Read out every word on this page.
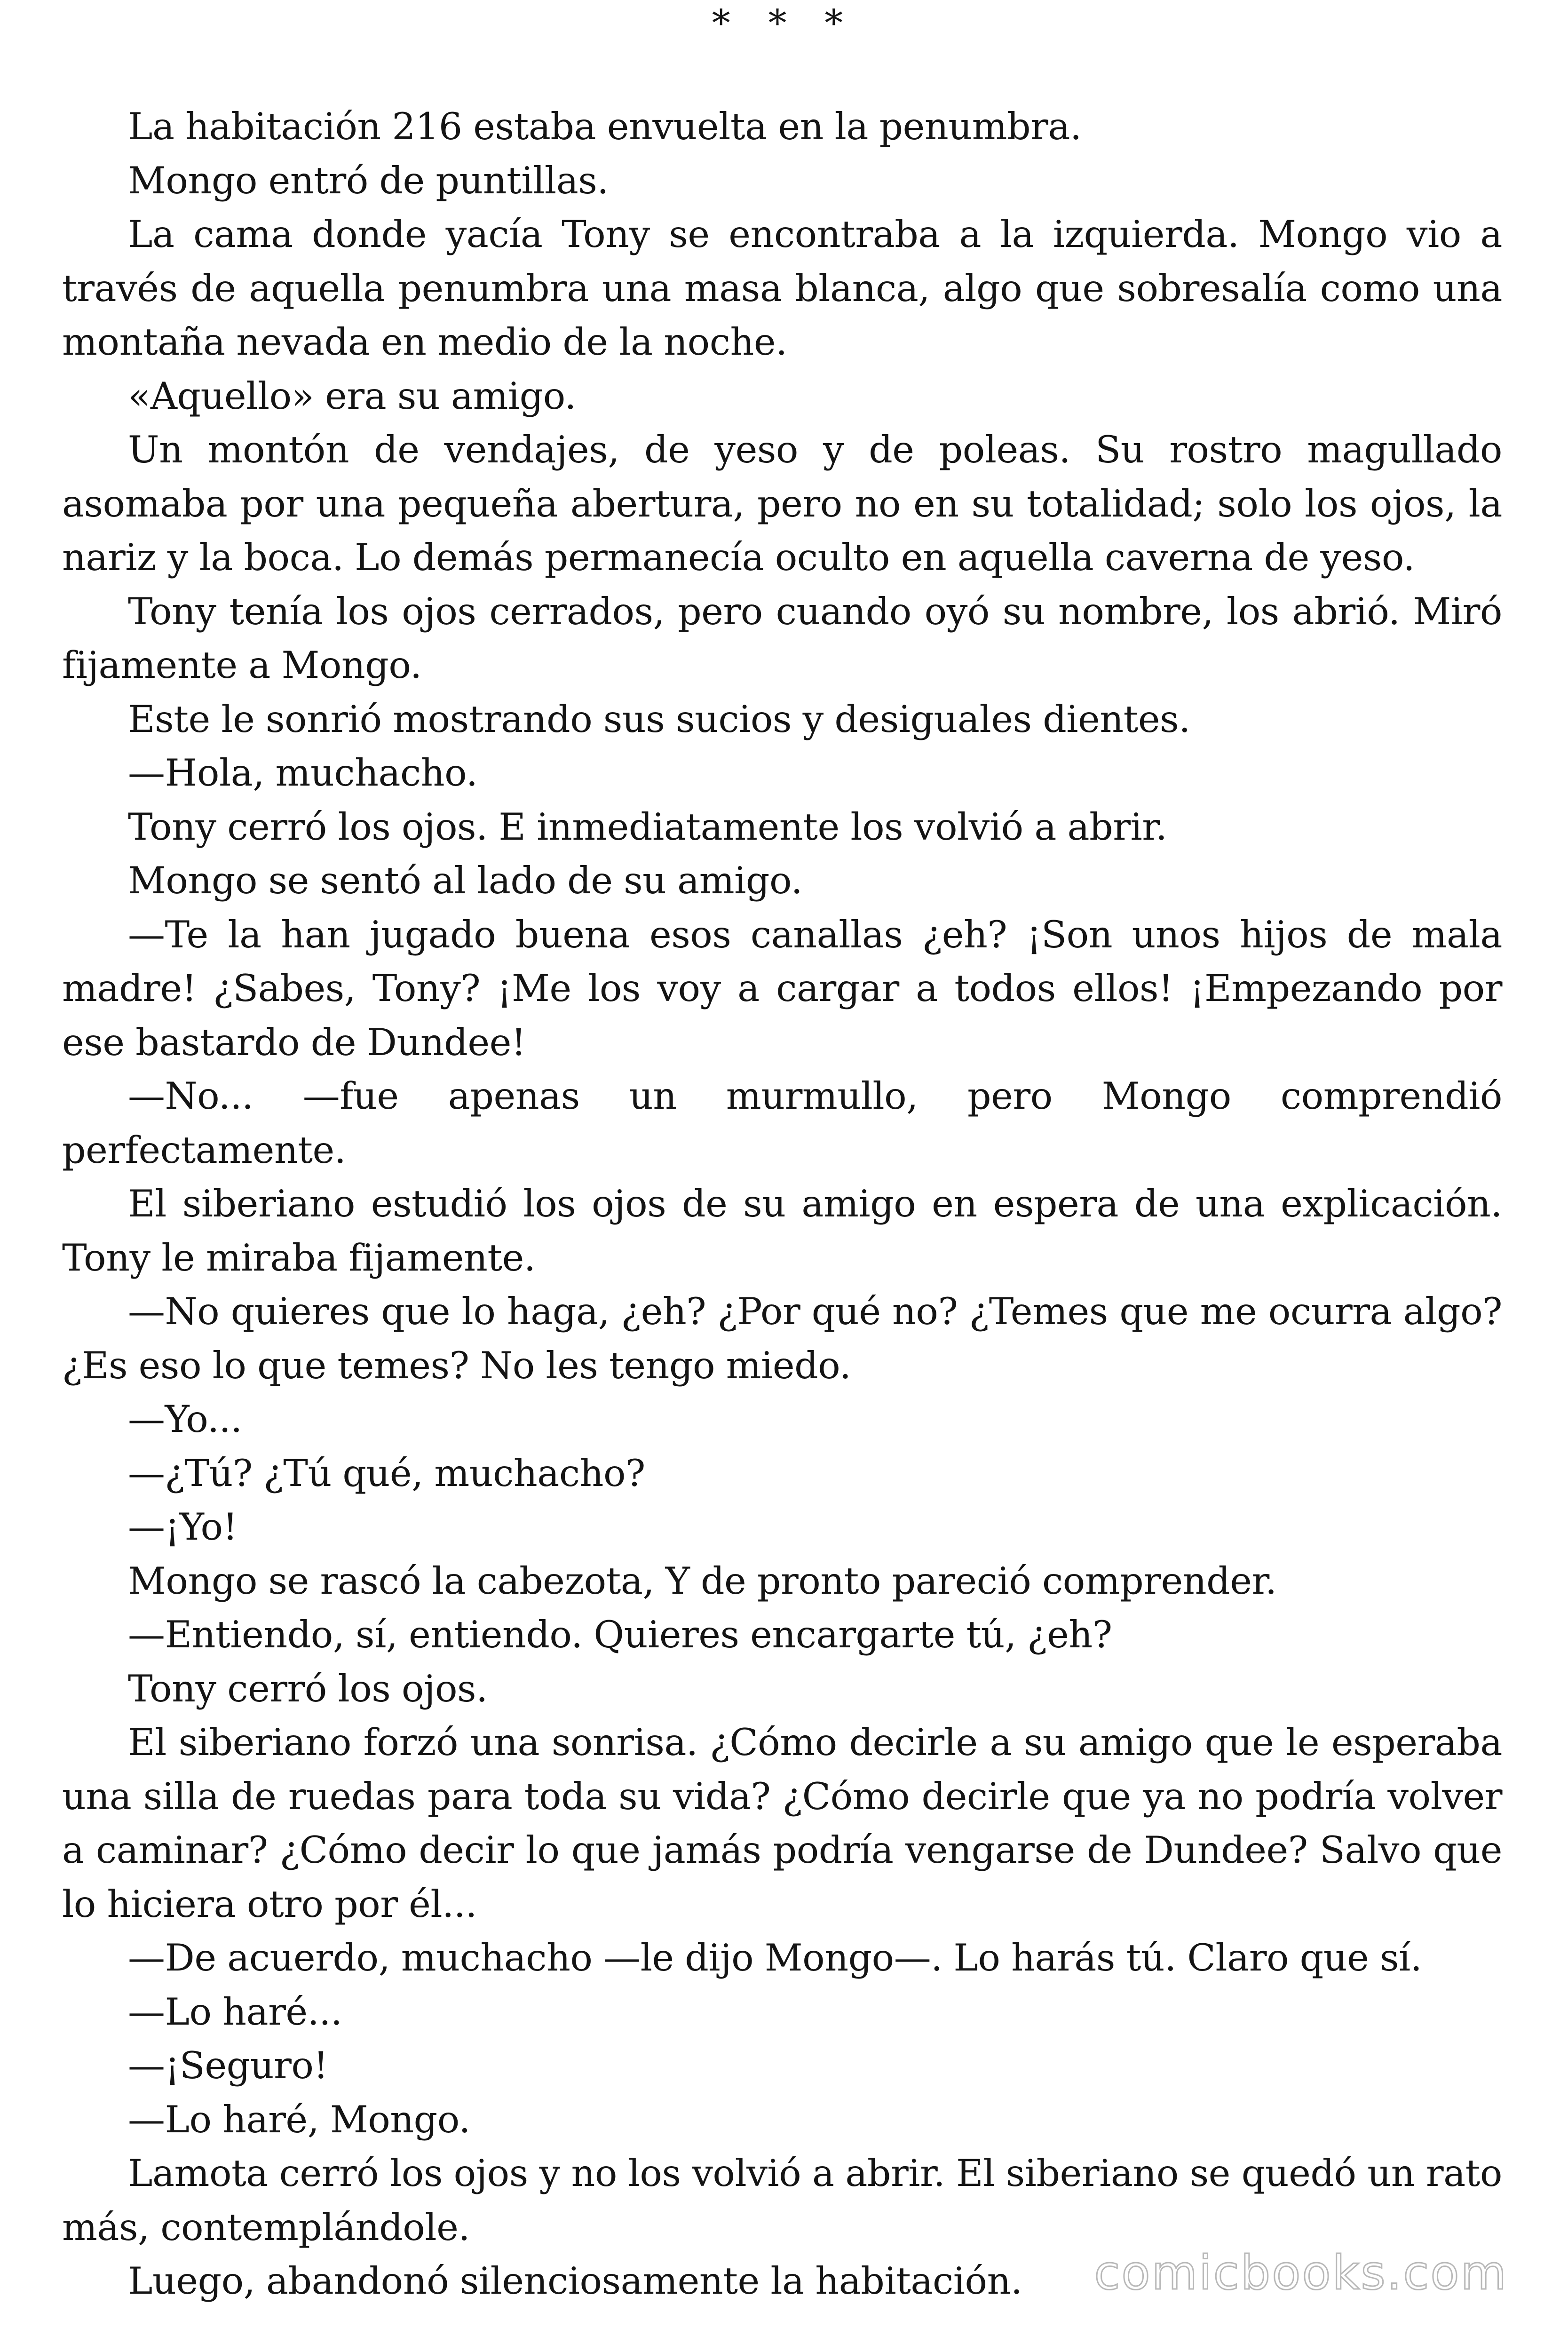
* * *

La habitación 216 estaba envuelta en la penumbra.

Mongo entró de puntillas.

La cama donde yacía Tony se encontraba a la izquierda. Mongo vio a través de aquella penumbra una masa blanca, algo que sobresalía como una montaña nevada en medio de la noche.

«Aquello» era su amigo.

Un montón de vendajes, de yeso y de poleas. Su rostro magullado asomaba por una pequeña abertura, pero no en su totalidad; solo los ojos, la nariz y la boca. Lo demás permanecía oculto en aquella caverna de yeso.

Tony tenía los ojos cerrados, pero cuando oyó su nombre, los abrió. Miró fijamente a Mongo.

Este le sonrió mostrando sus sucios y desiguales dientes.

—Hola, muchacho.

Tony cerró los ojos. E inmediatamente los volvió a abrir.

Mongo se sentó al lado de su amigo.

—Te la han jugado buena esos canallas ¿eh? ¡Son unos hijos de mala madre! ¿Sabes, Tony? ¡Me los voy a cargar a todos ellos! ¡Empezando por ese bastardo de Dundee!

—No... —fue apenas un murmullo, pero Mongo comprendió perfectamente.

El siberiano estudió los ojos de su amigo en espera de una explicación. Tony le miraba fijamente.

—No quieres que lo haga, ¿eh? ¿Por qué no? ¿Temes que me ocurra algo? ¿Es eso lo que temes? No les tengo miedo.

—Yo...

—¿Tú? ¿Tú qué, muchacho?

—¡Yo!

Mongo se rascó la cabezota, Y de pronto pareció comprender.

—Entiendo, sí, entiendo. Quieres encargarte tú, ¿eh?

Tony cerró los ojos.

El siberiano forzó una sonrisa. ¿Cómo decirle a su amigo que le esperaba una silla de ruedas para toda su vida? ¿Cómo decirle que ya no podría volver a caminar? ¿Cómo decir lo que jamás podría vengarse de Dundee? Salvo que lo hiciera otro por él...

—De acuerdo, muchacho —le dijo Mongo—. Lo harás tú. Claro que sí.

—Lo haré...

—¡Seguro!

—Lo haré, Mongo.

Lamota cerró los ojos y no los volvió a abrir. El siberiano se quedó un rato más, contemplándole.

Luego, abandonó silenciosamente la habitación.	comicbooks.com
